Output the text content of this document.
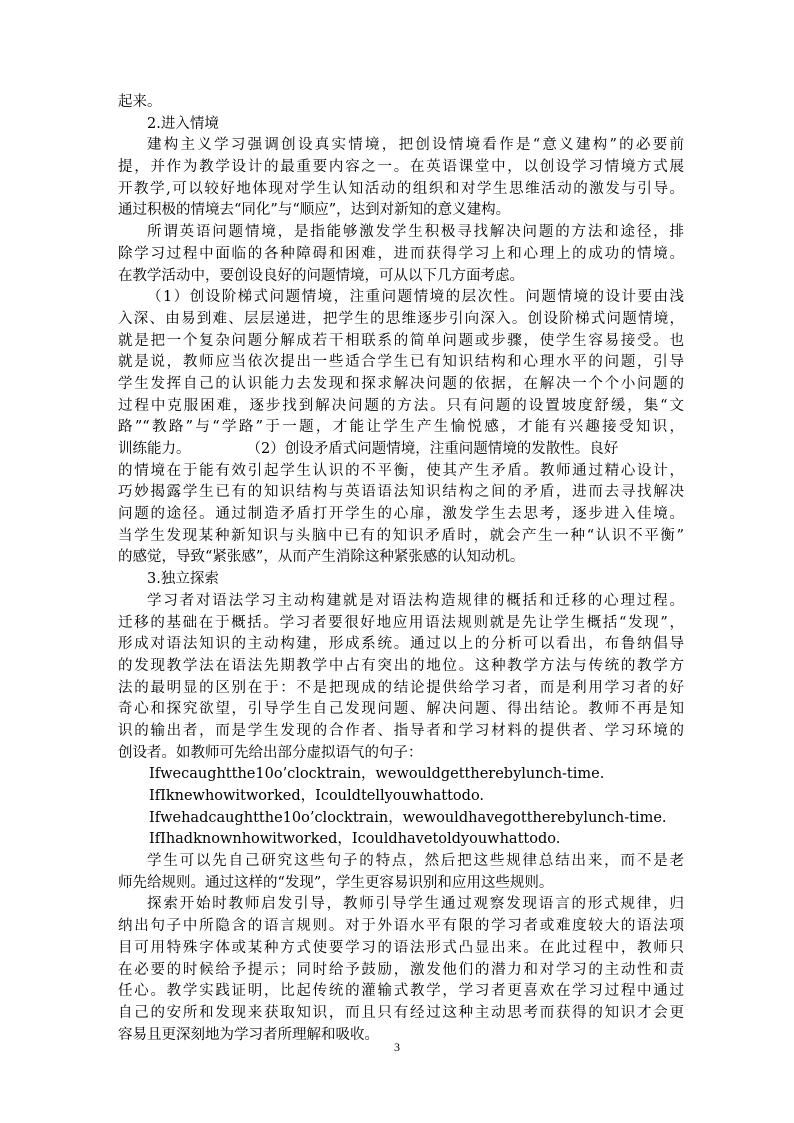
起来。
2.进入情境
建构主义学习强调创设真实情境，把创设情境看作是“意义建构”的必要前
提，并作为教学设计的最重要内容之一。在英语课堂中，以创设学习情境方式展
开教学,可以较好地体现对学生认知活动的组织和对学生思维活动的激发与引导。
通过积极的情境去“同化”与“顺应”，达到对新知的意义建构。
所谓英语问题情境，是指能够激发学生积极寻找解决问题的方法和途径，排
除学习过程中面临的各种障碍和困难，进而获得学习上和心理上的成功的情境。
在教学活动中，要创设良好的问题情境，可从以下几方面考虑。
（1）创设阶梯式问题情境，注重问题情境的层次性。问题情境的设计要由浅
入深、由易到难、层层递进，把学生的思维逐步引向深入。创设阶梯式问题情境，
就是把一个复杂问题分解成若干相联系的简单问题或步骤，使学生容易接受。也
就是说，教师应当依次提出一些适合学生已有知识结构和心理水平的问题，引导
学生发挥自己的认识能力去发现和探求解决问题的依据，在解决一个个小问题的
过程中克服困难，逐步找到解决问题的方法。只有问题的设置坡度舒缓，集“文
路”“教路”与“学路”于一题，才能让学生产生愉悦感，才能有兴趣接受知识，
训练能力。	（2）创设矛盾式问题情境，注重问题情境的发散性。良好
的情境在于能有效引起学生认识的不平衡，使其产生矛盾。教师通过精心设计，
巧妙揭露学生已有的知识结构与英语语法知识结构之间的矛盾，进而去寻找解决
问题的途径。通过制造矛盾打开学生的心扉，激发学生去思考，逐步进入佳境。
当学生发现某种新知识与头脑中已有的知识矛盾时，就会产生一种“认识不平衡”
的感觉，导致“紧张感”，从而产生消除这种紧张感的认知动机。
3.独立探索
学习者对语法学习主动构建就是对语法构造规律的概括和迁移的心理过程。
迁移的基础在于概括。学习者要很好地应用语法规则就是先让学生概括“发现”，
形成对语法知识的主动构建，形成系统。通过以上的分析可以看出，布鲁纳倡导
的发现教学法在语法先期教学中占有突出的地位。这种教学方法与传统的教学方
法的最明显的区别在于：不是把现成的结论提供给学习者，而是利用学习者的好
奇心和探究欲望，引导学生自己发现问题、解决问题、得出结论。教师不再是知
识的输出者，而是学生发现的合作者、指导者和学习材料的提供者、学习环境的
创设者。如教师可先给出部分虚拟语气的句子：
Ifwecaughtthe10o’clocktrain，wewouldgettherebylunch-time.
IfIknewhowitworked，Icouldtellyouwhattodo.
Ifwehadcaughtthe10o’clocktrain，wewouldhavegottherebylunch-time.
IfIhadknownhowitworked，Icouldhavetoldyouwhattodo.
学生可以先自己研究这些句子的特点，然后把这些规律总结出来，而不是老
师先给规则。通过这样的“发现”，学生更容易识别和应用这些规则。
探索开始时教师启发引导，教师引导学生通过观察发现语言的形式规律，归
纳出句子中所隐含的语言规则。对于外语水平有限的学习者或难度较大的语法项
目可用特殊字体或某种方式使要学习的语法形式凸显出来。在此过程中，教师只
在必要的时候给予提示；同时给予鼓励，激发他们的潜力和对学习的主动性和责
任心。教学实践证明，比起传统的灌输式教学，学习者更喜欢在学习过程中通过
自己的安所和发现来获取知识，而且只有经过这种主动思考而获得的知识才会更
容易且更深刻地为学习者所理解和吸收。
3
